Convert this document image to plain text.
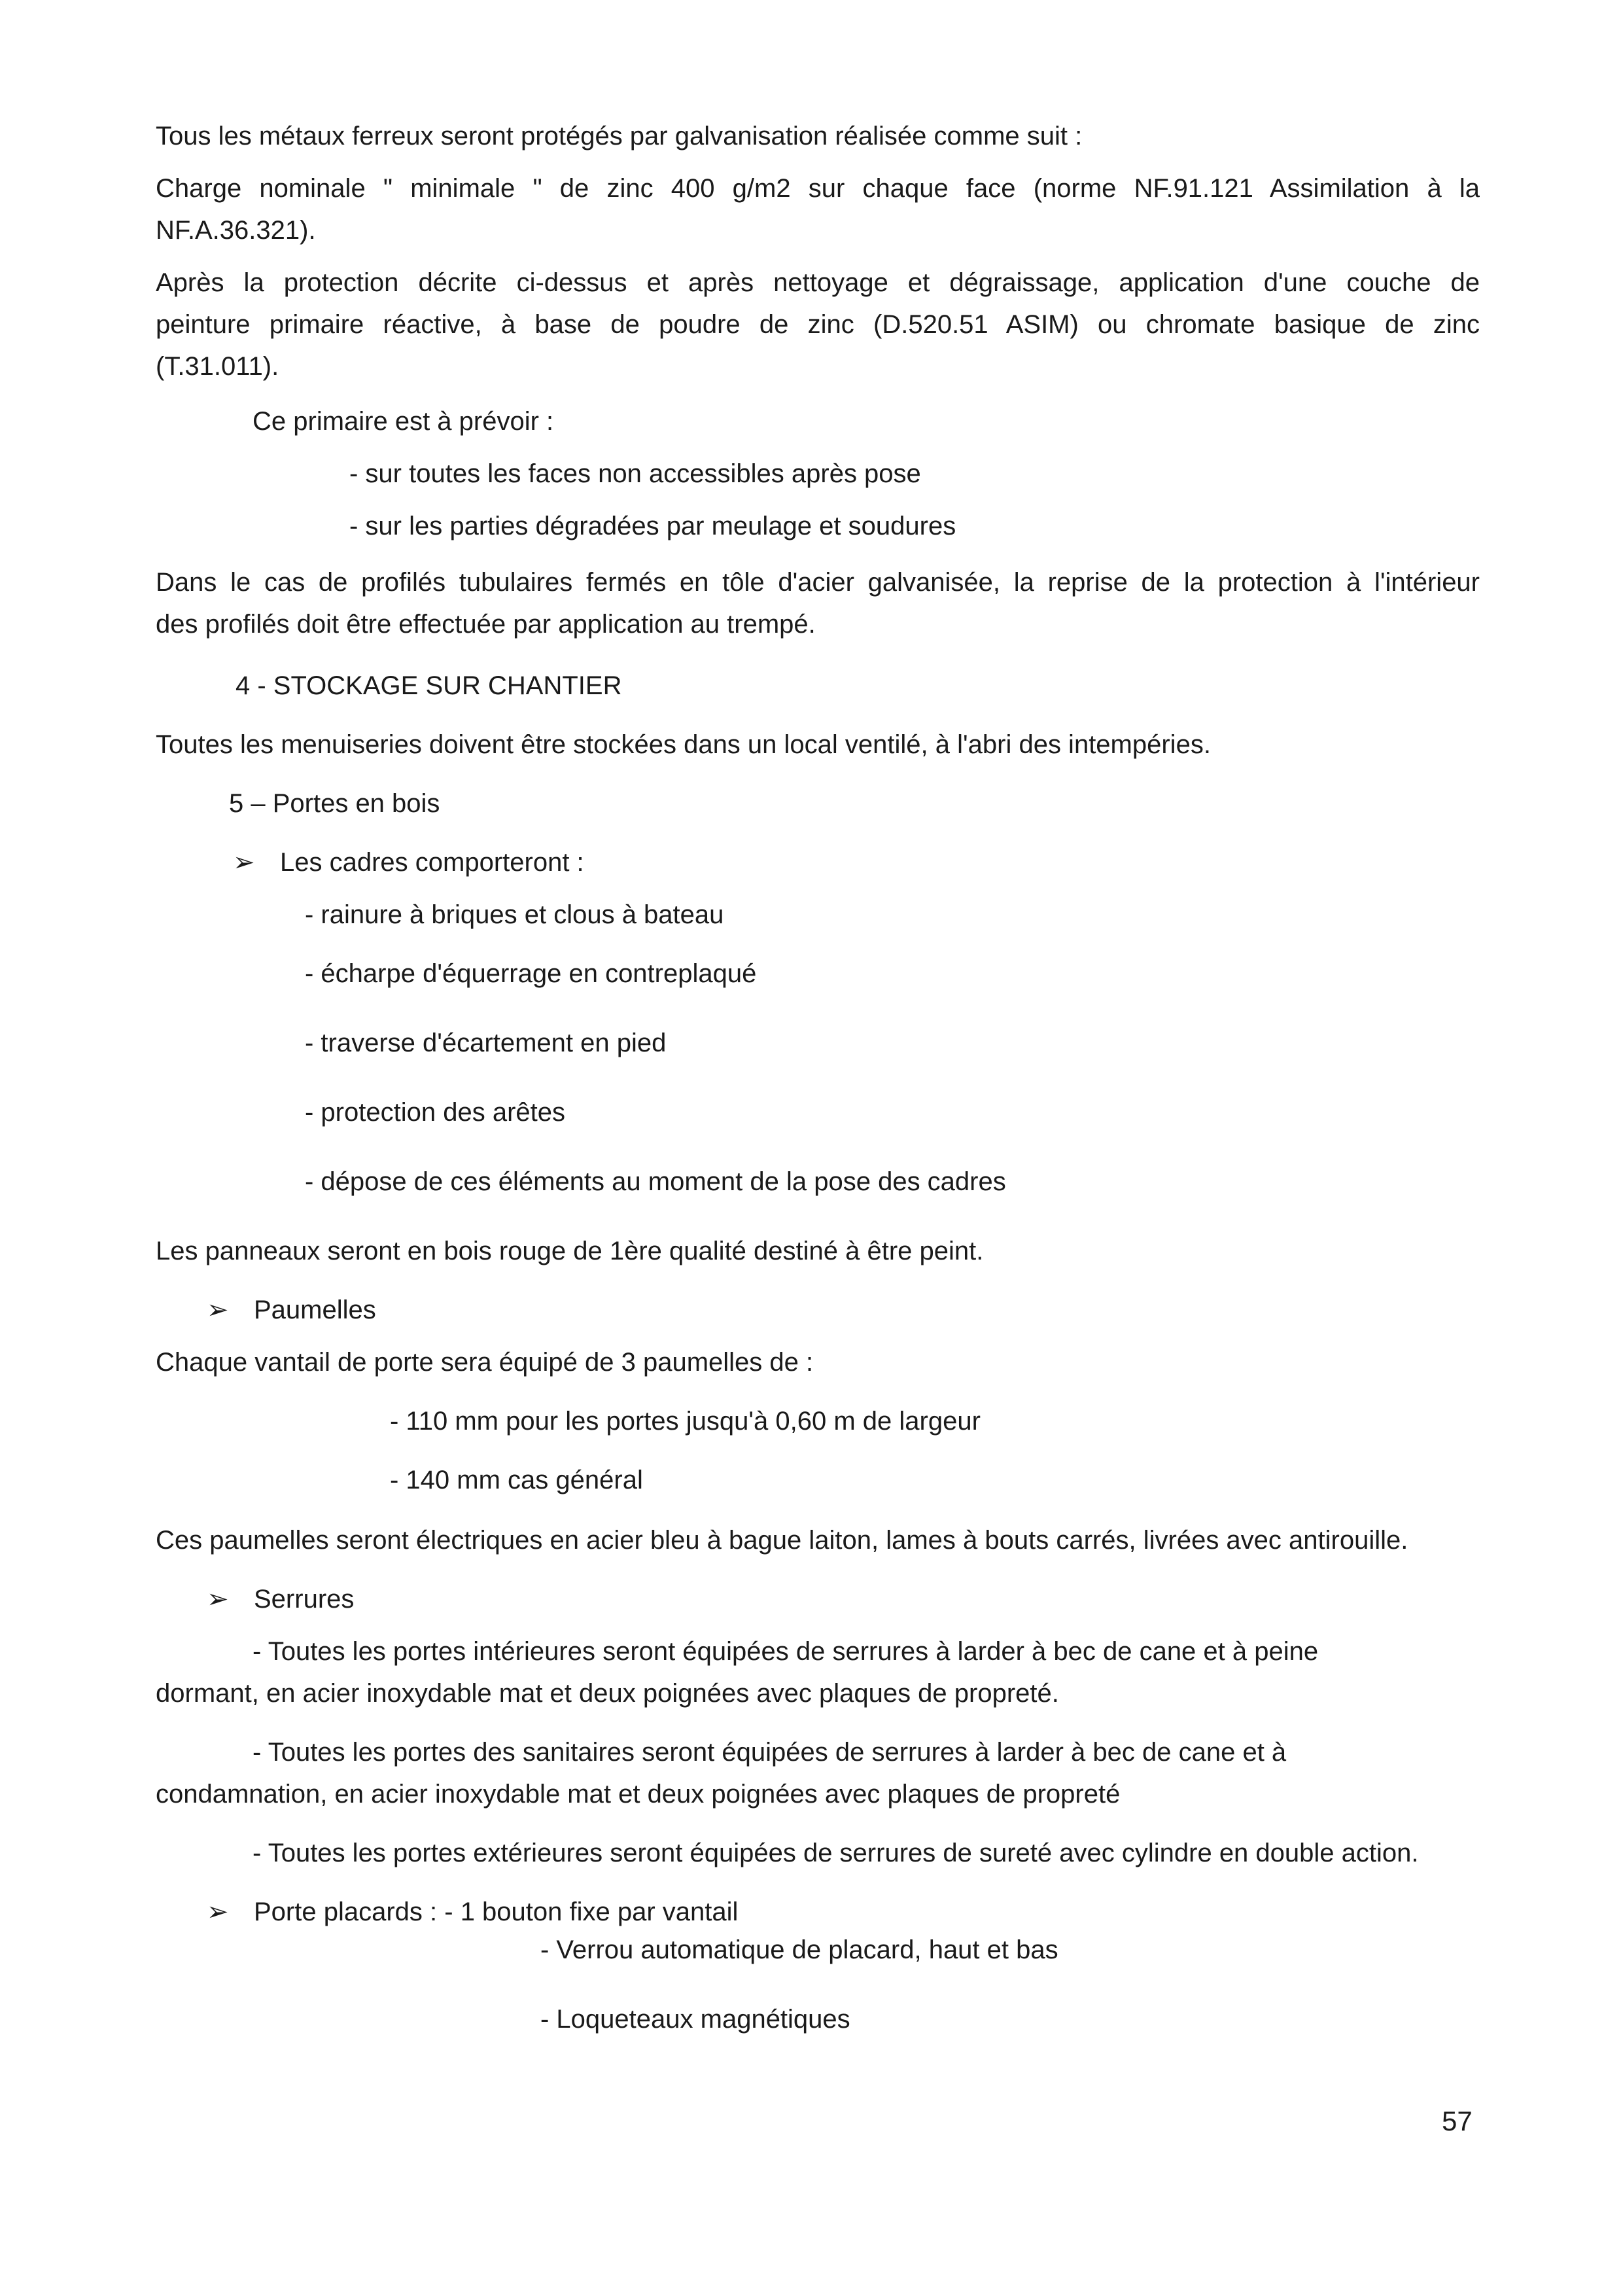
Tous les métaux ferreux seront protégés par galvanisation réalisée comme suit :

Charge nominale " minimale " de zinc 400 g/m2 sur chaque face (norme NF.91.121 Assimilation à la
NF.A.36.321).
Après la protection décrite ci-dessus et après nettoyage et dégraissage, application d'une couche de
peinture primaire réactive, à base de poudre de zinc (D.520.51 ASIM) ou chromate basique de zinc
(T.31.011).

Ce primaire est à prévoir :

- sur toutes les faces non accessibles après pose

- sur les parties dégradées par meulage et soudures

Dans le cas de profilés tubulaires fermés en tôle d'acier galvanisée, la reprise de la protection à l'intérieur
des profilés doit être effectuée par application au trempé.

4 - STOCKAGE SUR CHANTIER

Toutes les menuiseries doivent être stockées dans un local ventilé, à l'abri des intempéries.

5 – Portes en bois

➢ Les cadres comporteront :

- rainure à briques et clous à bateau

- écharpe d'équerrage en contreplaqué

- traverse d'écartement en pied

- protection des arêtes

- dépose de ces éléments au moment de la pose des cadres

Les panneaux seront en bois rouge de 1ère qualité destiné à être peint.

➢ Paumelles

Chaque vantail de porte sera équipé de 3 paumelles de :

- 110 mm pour les portes jusqu'à 0,60 m de largeur

- 140 mm cas général

Ces paumelles seront électriques en acier bleu à bague laiton, lames à bouts carrés, livrées avec antirouille.

➢ Serrures
- Toutes les portes intérieures seront équipées de serrures à larder à bec de cane et à peine
dormant, en acier inoxydable mat et deux poignées avec plaques de propreté.
- Toutes les portes des sanitaires seront équipées de serrures à larder à bec de cane et à
condamnation, en acier inoxydable mat et deux poignées avec plaques de propreté

- Toutes les portes extérieures seront équipées de serrures de sureté avec cylindre en double action.

➢ Porte placards : - 1 bouton fixe par vantail

- Verrou automatique de placard, haut et bas

- Loqueteaux magnétiques

57
